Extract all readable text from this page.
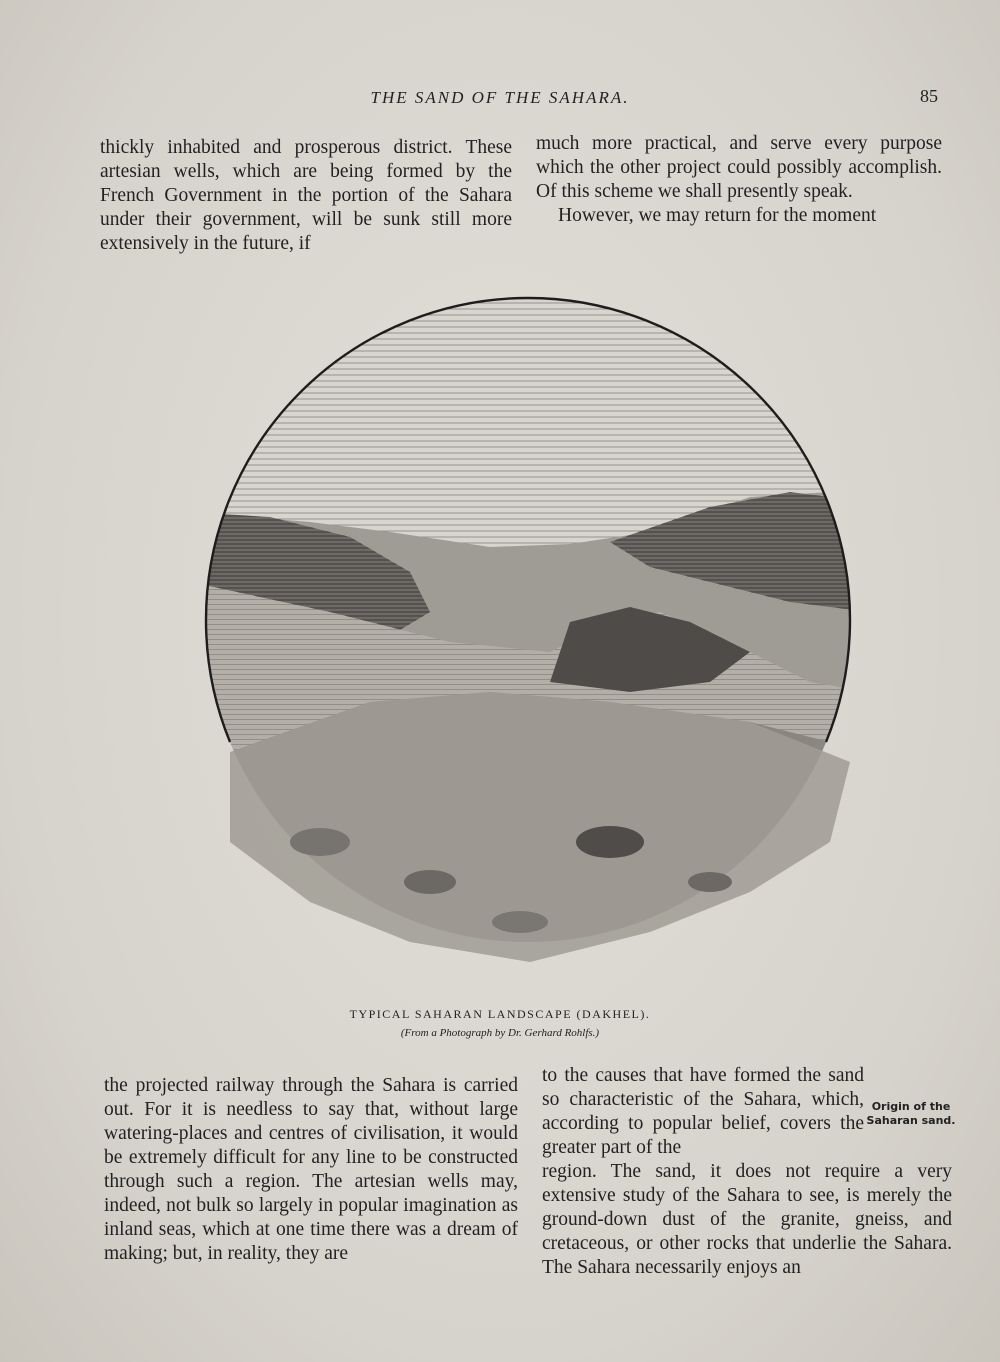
THE SAND OF THE SAHARA.	85

thickly inhabited and prosperous district. These artesian wells, which are being formed by the French Government in the portion of the Sahara under their government, will be sunk still more extensively in the future, if

much more practical, and serve every purpose which the other project could possibly accomplish. Of this scheme we shall presently speak.

However, we may return for the moment

TYPICAL SAHARAN LANDSCAPE (DAKHEL).
(From a Photograph by Dr. Gerhard Rohlfs.)

the projected railway through the Sahara is carried out. For it is needless to say that, without large watering-places and centres of civilisation, it would be extremely difficult for any line to be constructed through such a region. The artesian wells may, indeed, not bulk so largely in popular imagination as inland seas, which at one time there was a dream of making; but, in reality, they are

to the causes that have formed the sand so characteristic of the Sahara, which, according to popular belief, covers the greater part of the

region. The sand, it does not require a very extensive study of the Sahara to see, is merely the ground-down dust of the granite, gneiss, and cretaceous, or other rocks that underlie the Sahara. The Sahara necessarily enjoys an

Origin of the Saharan sand.
